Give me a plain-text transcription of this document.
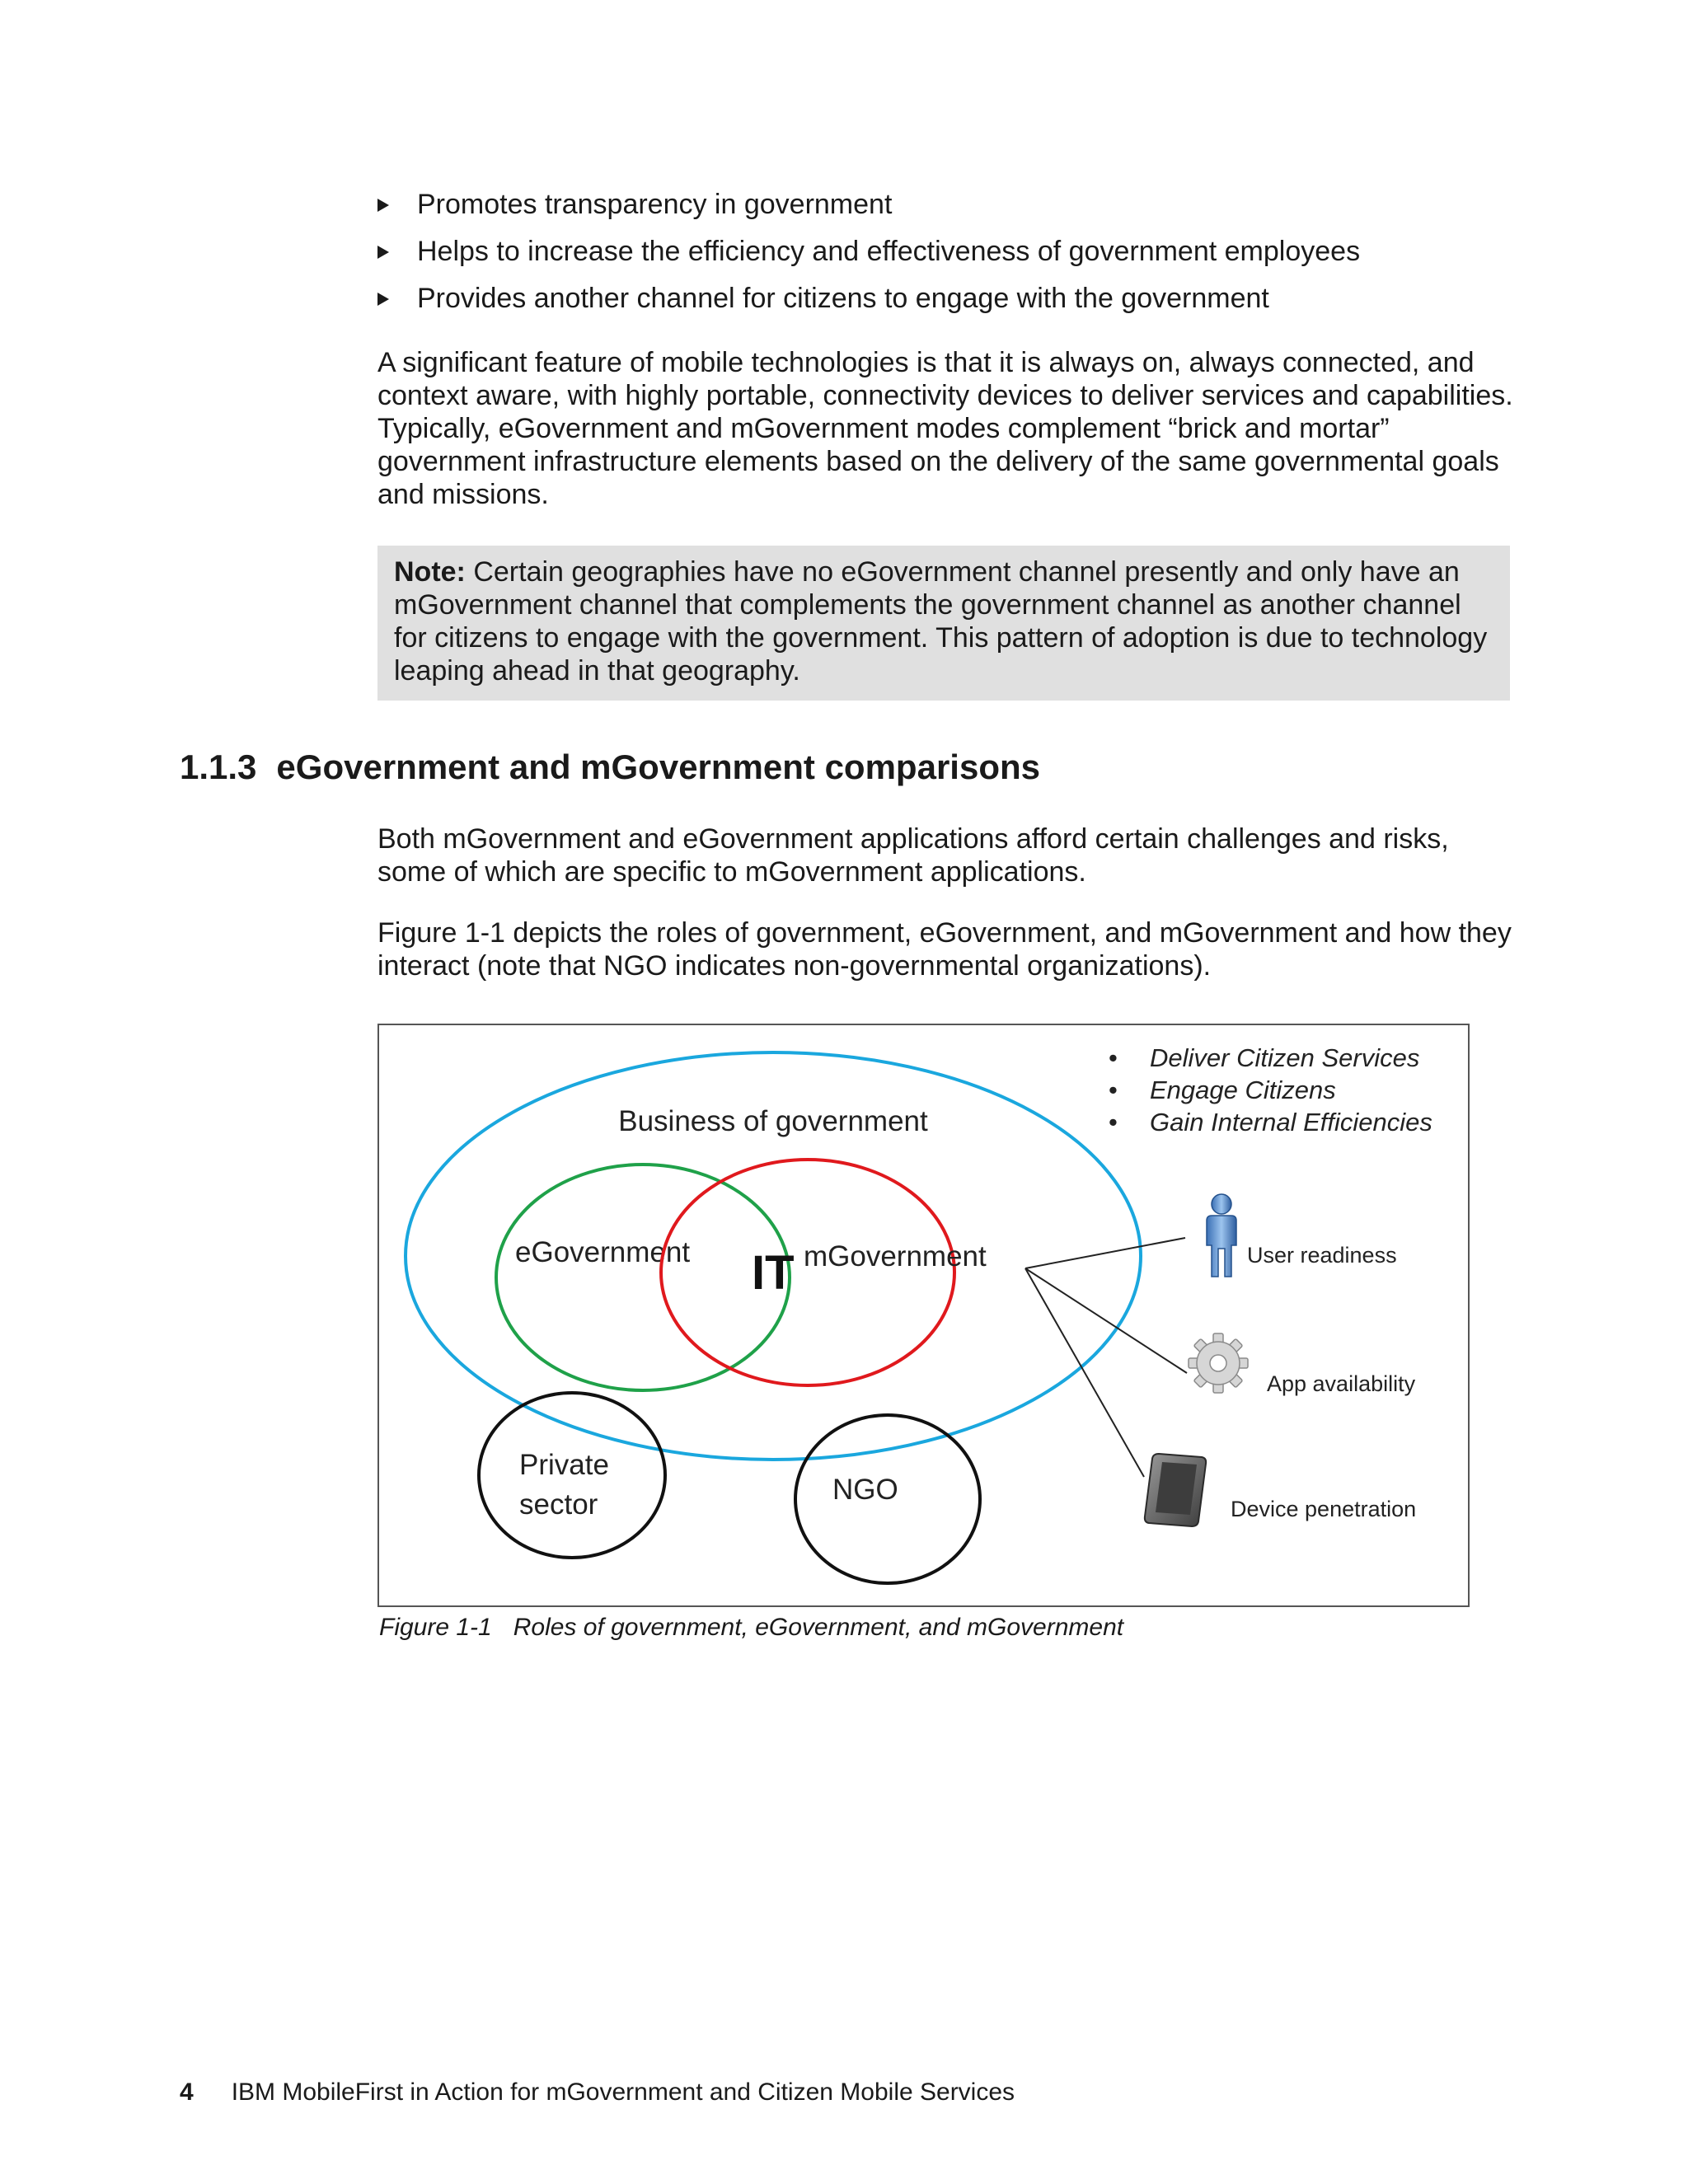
Promotes transparency in government
Helps to increase the efficiency and effectiveness of government employees
Provides another channel for citizens to engage with the government

A significant feature of mobile technologies is that it is always on, always connected, and context aware, with highly portable, connectivity devices to deliver services and capabilities. Typically, eGovernment and mGovernment modes complement “brick and mortar” government infrastructure elements based on the delivery of the same governmental goals and missions.

Note: Certain geographies have no eGovernment channel presently and only have an mGovernment channel that complements the government channel as another channel for citizens to engage with the government. This pattern of adoption is due to technology leaping ahead in that geography.
1.1.3 eGovernment and mGovernment comparisons

Both mGovernment and eGovernment applications afford certain challenges and risks, some of which are specific to mGovernment applications.

Figure 1-1 depicts the roles of government, eGovernment, and mGovernment and how they interact (note that NGO indicates non-governmental organizations).

Business of government
eGovernment	mGovernment
IT
Private
sector	NGO
• Deliver Citizen Services
• Engage Citizens
• Gain Internal Efficiencies
User readiness
App availability
Device penetration
Figure 1-1 Roles of government, eGovernment, and mGovernment
4 IBM MobileFirst in Action for mGovernment and Citizen Mobile Services
